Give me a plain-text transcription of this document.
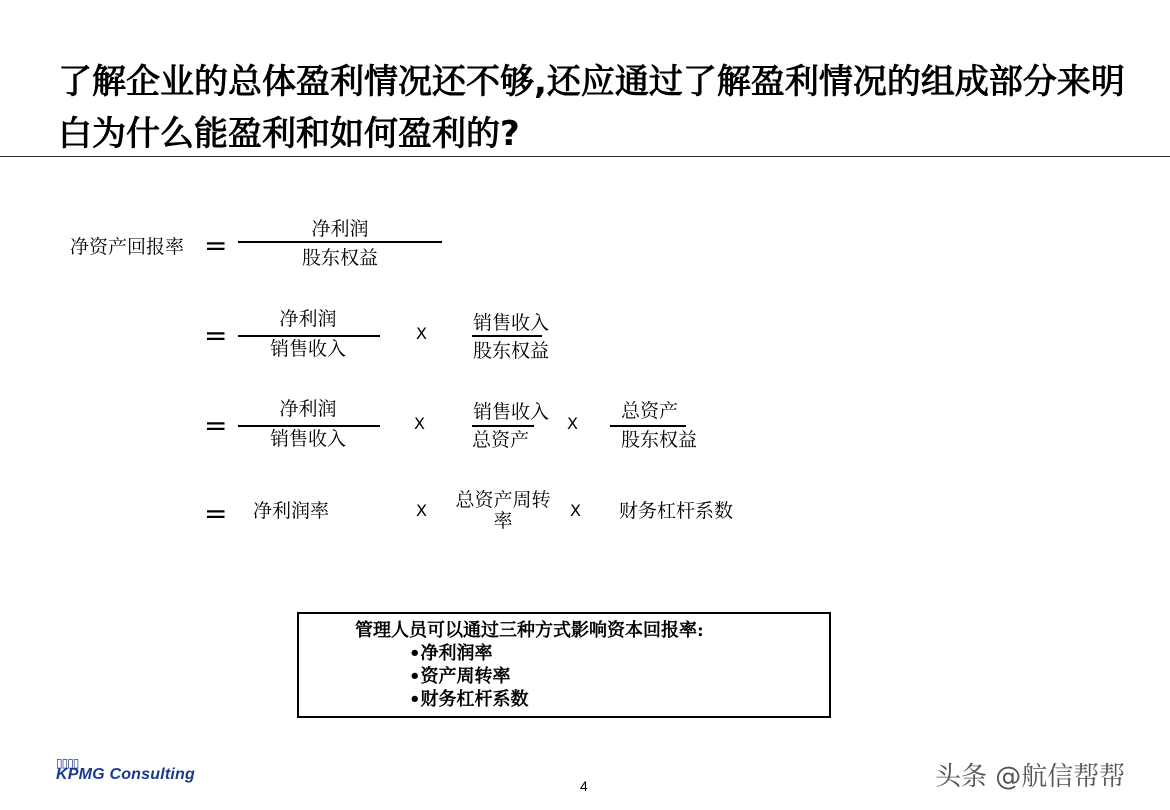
了解企业的总体盈利情况还不够,还应通过了解盈利情况的组成部分来明白为什么能盈利和如何盈利的?
净资产回报率 =	净利润
股东权益
=	净利润
销售收入
X 销售收入
股东权益
=	净利润
销售收入
X
销售收入
总资产
X
总资产
股东权益
= 净利润率	X	总资产周转
率	X 财务杠杆系数
管理人员可以通过三种方式影响资本回报率:
•净利润率
•资产周转率
•财务杠杆系数
▯▯▯▯
KPMG Consulting
4	头条 @航信帮帮
